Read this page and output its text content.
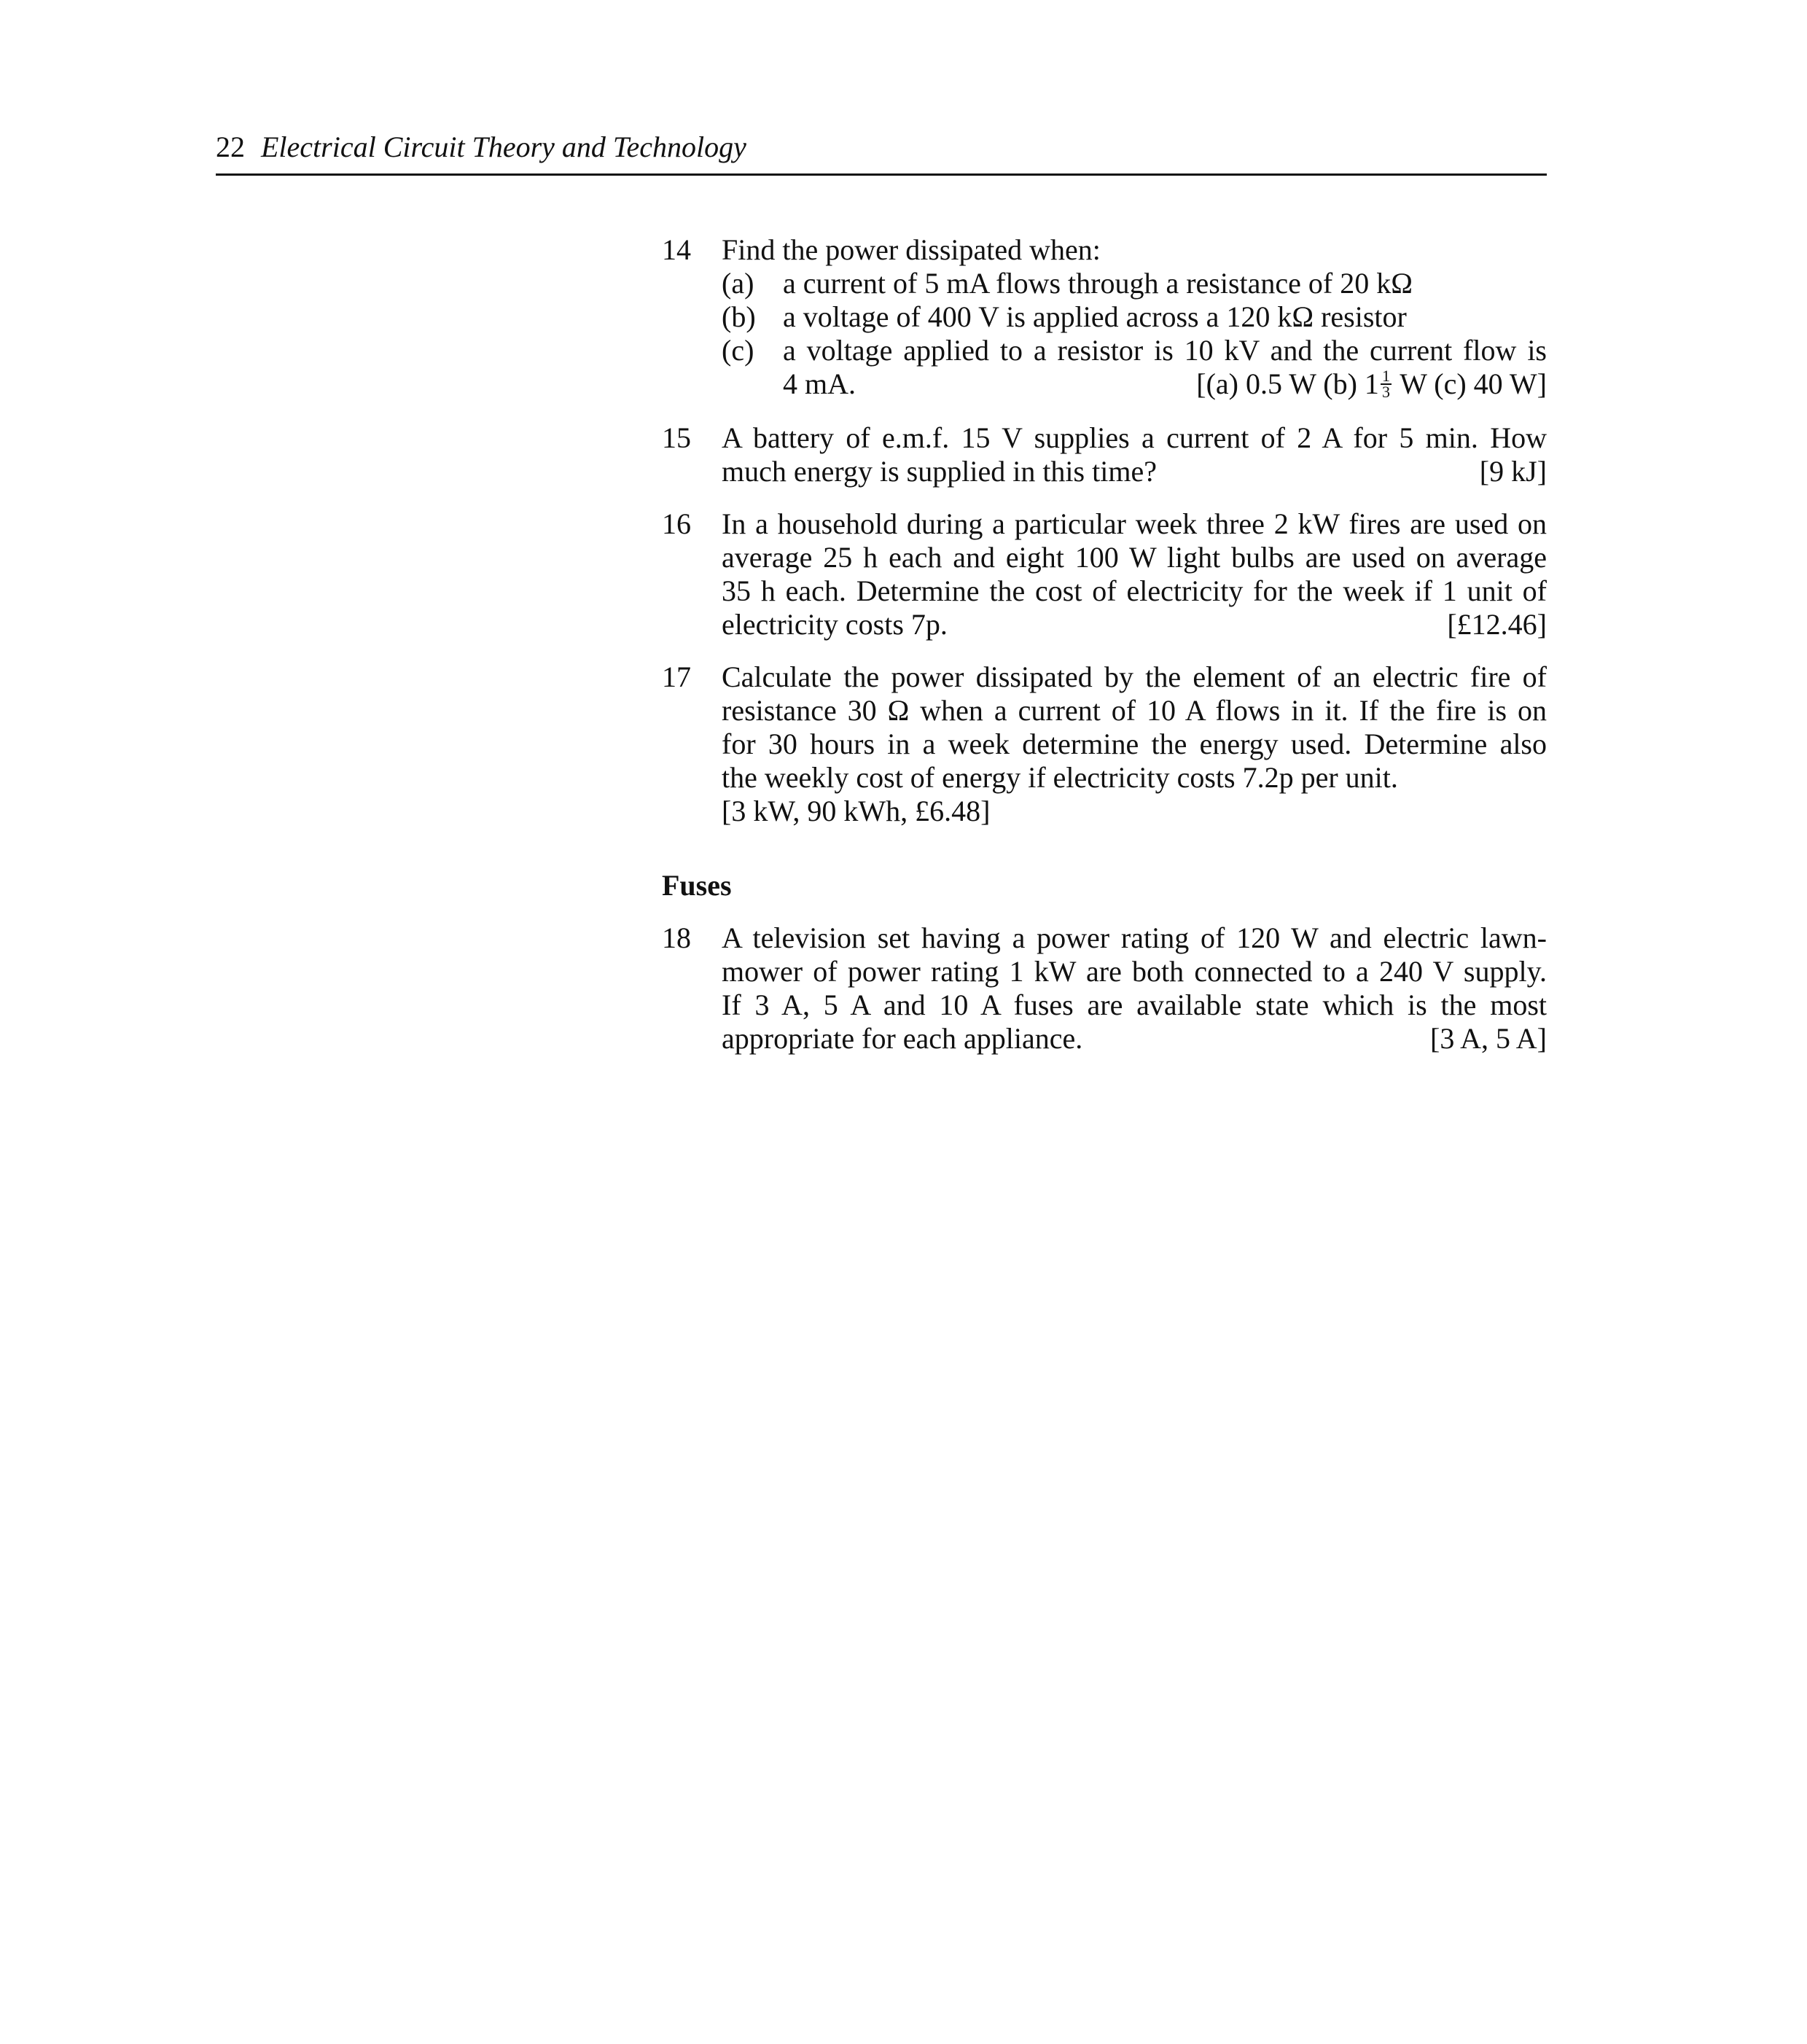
22 Electrical Circuit Theory and Technology
14 Find the power dissipated when:
(a) a current of 5 mA flows through a resistance of 20 kΩ
(b) a voltage of 400 V is applied across a 120 kΩ resistor
(c) a voltage applied to a resistor is 10 kV and the current flow is
4 mA.	[(a) 0.5 W (b) $1 \frac{1}{3}$ W (c) 40 W]
15 A battery of e.m.f. 15 V supplies a current of 2 A for 5 min. How
much energy is supplied in this time?	[9 kJ]
16 In a household during a particular week three 2 kW fires are used on
average 25 h each and eight 100 W light bulbs are used on average
35 h each. Determine the cost of electricity for the week if 1 unit of
electricity costs 7p.	[£12.46]
17 Calculate the power dissipated by the element of an electric fire of
resistance 30 Ω when a current of 10 A flows in it. If the fire is on
for 30 hours in a week determine the energy used. Determine also
the weekly cost of energy if electricity costs 7.2p per unit.
[3 kW, 90 kWh, £6.48]
Fuses
18 A television set having a power rating of 120 W and electric lawn-
mower of power rating 1 kW are both connected to a 240 V supply.
If 3 A, 5 A and 10 A fuses are available state which is the most
appropriate for each appliance.	[3 A, 5 A]
